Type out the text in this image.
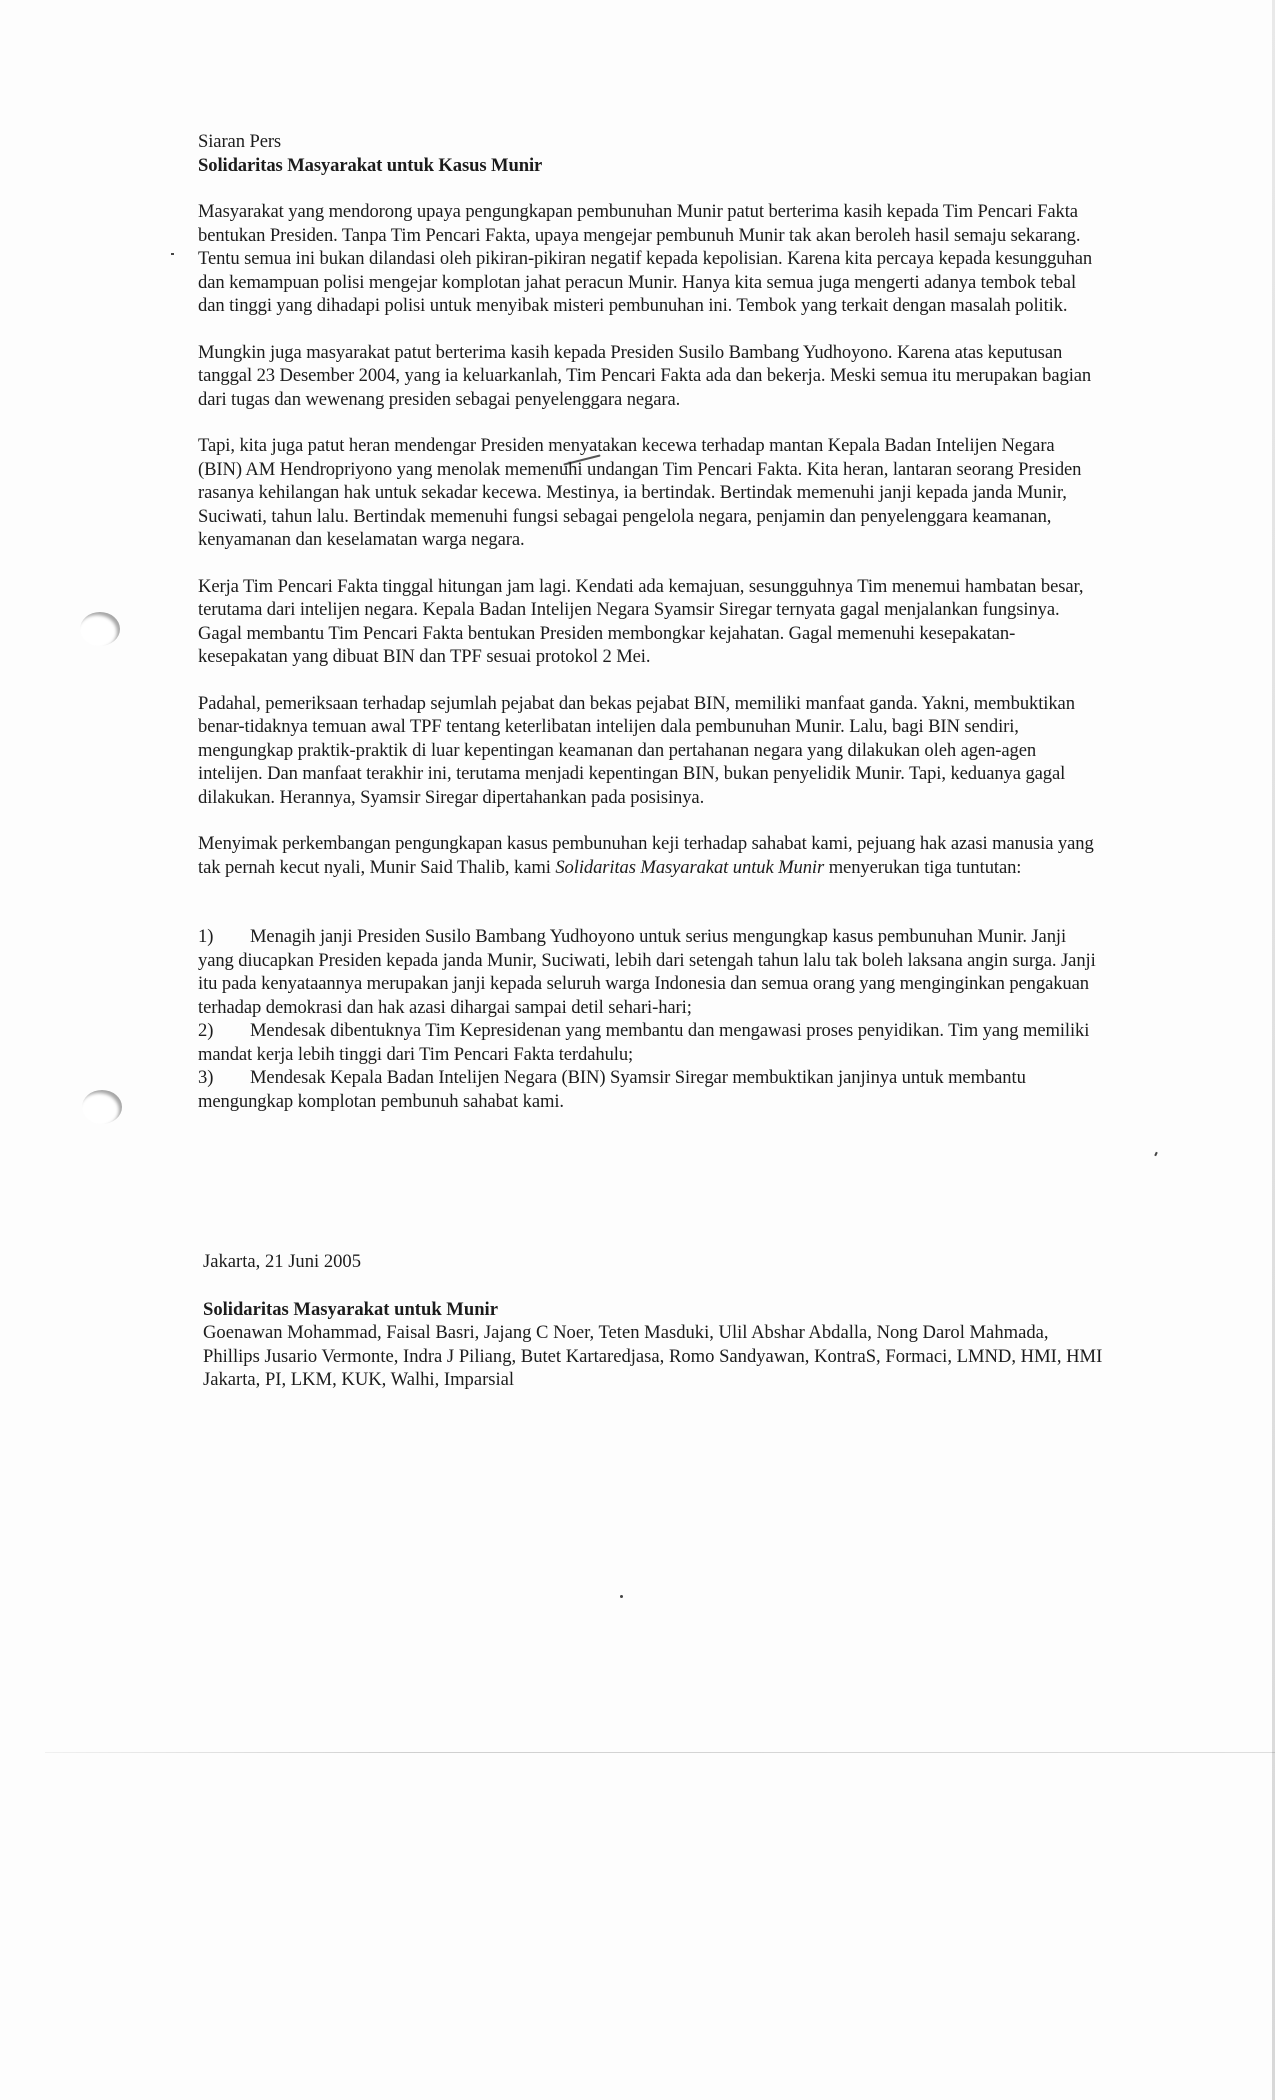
Siaran Pers

Solidaritas Masyarakat untuk Kasus Munir

Masyarakat yang mendorong upaya pengungkapan pembunuhan Munir patut berterima kasih kepada Tim Pencari Fakta bentukan Presiden. Tanpa Tim Pencari Fakta, upaya mengejar pembunuh Munir tak akan beroleh hasil semaju sekarang. Tentu semua ini bukan dilandasi oleh pikiran-pikiran negatif kepada kepolisian. Karena kita percaya kepada kesungguhan dan kemampuan polisi mengejar komplotan jahat peracun Munir. Hanya kita semua juga mengerti adanya tembok tebal dan tinggi yang dihadapi polisi untuk menyibak misteri pembunuhan ini. Tembok yang terkait dengan masalah politik.

Mungkin juga masyarakat patut berterima kasih kepada Presiden Susilo Bambang Yudhoyono. Karena atas keputusan tanggal 23 Desember 2004, yang ia keluarkanlah, Tim Pencari Fakta ada dan bekerja. Meski semua itu merupakan bagian dari tugas dan wewenang presiden sebagai penyelenggara negara.

Tapi, kita juga patut heran mendengar Presiden menyatakan kecewa terhadap mantan Kepala Badan Intelijen Negara (BIN) AM Hendropriyono yang menolak memenuhi undangan Tim Pencari Fakta. Kita heran, lantaran seorang Presiden rasanya kehilangan hak untuk sekadar kecewa. Mestinya, ia bertindak. Bertindak memenuhi janji kepada janda Munir, Suciwati, tahun lalu. Bertindak memenuhi fungsi sebagai pengelola negara, penjamin dan penyelenggara keamanan, kenyamanan dan keselamatan warga negara.

Kerja Tim Pencari Fakta tinggal hitungan jam lagi. Kendati ada kemajuan, sesungguhnya Tim menemui hambatan besar, terutama dari intelijen negara. Kepala Badan Intelijen Negara Syamsir Siregar ternyata gagal menjalankan fungsinya. Gagal membantu Tim Pencari Fakta bentukan Presiden membongkar kejahatan. Gagal memenuhi kesepakatan-kesepakatan yang dibuat BIN dan TPF sesuai protokol 2 Mei.

Padahal, pemeriksaan terhadap sejumlah pejabat dan bekas pejabat BIN, memiliki manfaat ganda. Yakni, membuktikan benar-tidaknya temuan awal TPF tentang keterlibatan intelijen dala pembunuhan Munir. Lalu, bagi BIN sendiri, mengungkap praktik-praktik di luar kepentingan keamanan dan pertahanan negara yang dilakukan oleh agen-agen intelijen. Dan manfaat terakhir ini, terutama menjadi kepentingan BIN, bukan penyelidik Munir. Tapi, keduanya gagal dilakukan. Herannya, Syamsir Siregar dipertahankan pada posisinya.

Menyimak perkembangan pengungkapan kasus pembunuhan keji terhadap sahabat kami, pejuang hak azasi manusia yang tak pernah kecut nyali, Munir Said Thalib, kami Solidaritas Masyarakat untuk Munir menyerukan tiga tuntutan:

1) Menagih janji Presiden Susilo Bambang Yudhoyono untuk serius mengungkap kasus pembunuhan Munir. Janji yang diucapkan Presiden kepada janda Munir, Suciwati, lebih dari setengah tahun lalu tak boleh laksana angin surga. Janji itu pada kenyataannya merupakan janji kepada seluruh warga Indonesia dan semua orang yang menginginkan pengakuan terhadap demokrasi dan hak azasi dihargai sampai detil sehari-hari;

2) Mendesak dibentuknya Tim Kepresidenan yang membantu dan mengawasi proses penyidikan. Tim yang memiliki mandat kerja lebih tinggi dari Tim Pencari Fakta terdahulu;

3) Mendesak Kepala Badan Intelijen Negara (BIN) Syamsir Siregar membuktikan janjinya untuk membantu mengungkap komplotan pembunuh sahabat kami.

Jakarta, 21 Juni 2005

Solidaritas Masyarakat untuk Munir

Goenawan Mohammad, Faisal Basri, Jajang C Noer, Teten Masduki, Ulil Abshar Abdalla, Nong Darol Mahmada, Phillips Jusario Vermonte, Indra J Piliang, Butet Kartaredjasa, Romo Sandyawan, KontraS, Formaci, LMND, HMI, HMI Jakarta, PI, LKM, KUK, Walhi, Imparsial
